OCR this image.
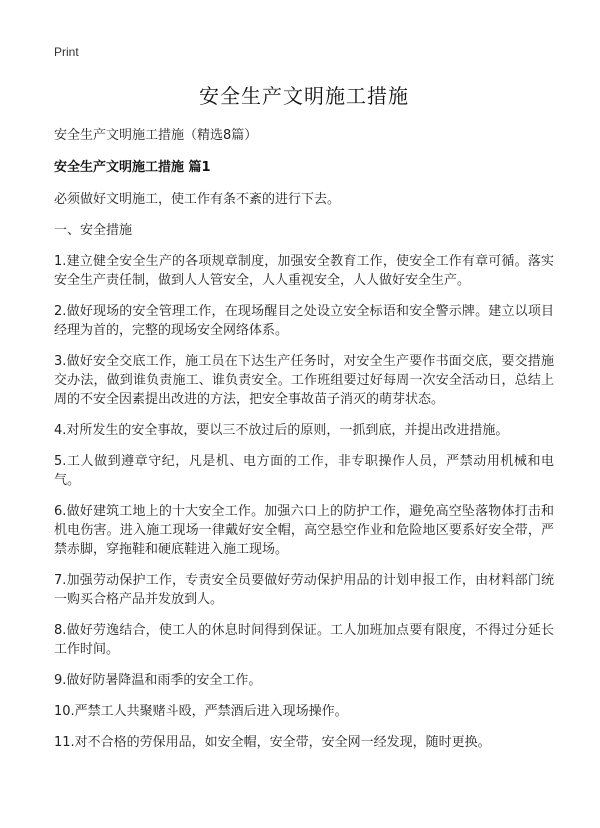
Print
安全生产文明施工措施
安全生产文明施工措施（精选8篇）
安全生产文明施工措施 篇1

必须做好文明施工，使工作有条不紊的进行下去。

一、安全措施

1.建立健全安全生产的各项规章制度，加强安全教育工作，使安全工作有章可循。落实安全生产责任制，做到人人管安全，人人重视安全，人人做好安全生产。

2.做好现场的安全管理工作，在现场醒目之处设立安全标语和安全警示牌。建立以项目经理为首的，完整的现场安全网络体系。

3.做好安全交底工作，施工员在下达生产任务时，对安全生产要作书面交底，要交措施交办法，做到谁负责施工、谁负责安全。工作班组要过好每周一次安全活动日，总结上周的不安全因素提出改进的方法，把安全事故苗子消灭的萌芽状态。

4.对所发生的安全事故，要以三不放过后的原则，一抓到底，并提出改进措施。

5.工人做到遵章守纪，凡是机、电方面的工作，非专职操作人员，严禁动用机械和电气。

6.做好建筑工地上的十大安全工作。加强六口上的防护工作，避免高空坠落物体打击和机电伤害。进入施工现场一律戴好安全帽，高空悬空作业和危险地区要系好安全带，严禁赤脚，穿拖鞋和硬底鞋进入施工现场。

7.加强劳动保护工作，专责安全员要做好劳动保护用品的计划申报工作，由材料部门统一购买合格产品并发放到人。

8.做好劳逸结合，使工人的休息时间得到保证。工人加班加点要有限度，不得过分延长工作时间。

9.做好防暑降温和雨季的安全工作。

10.严禁工人共聚赌斗殴，严禁酒后进入现场操作。

11.对不合格的劳保用品，如安全帽，安全带，安全网一经发现，随时更换。
